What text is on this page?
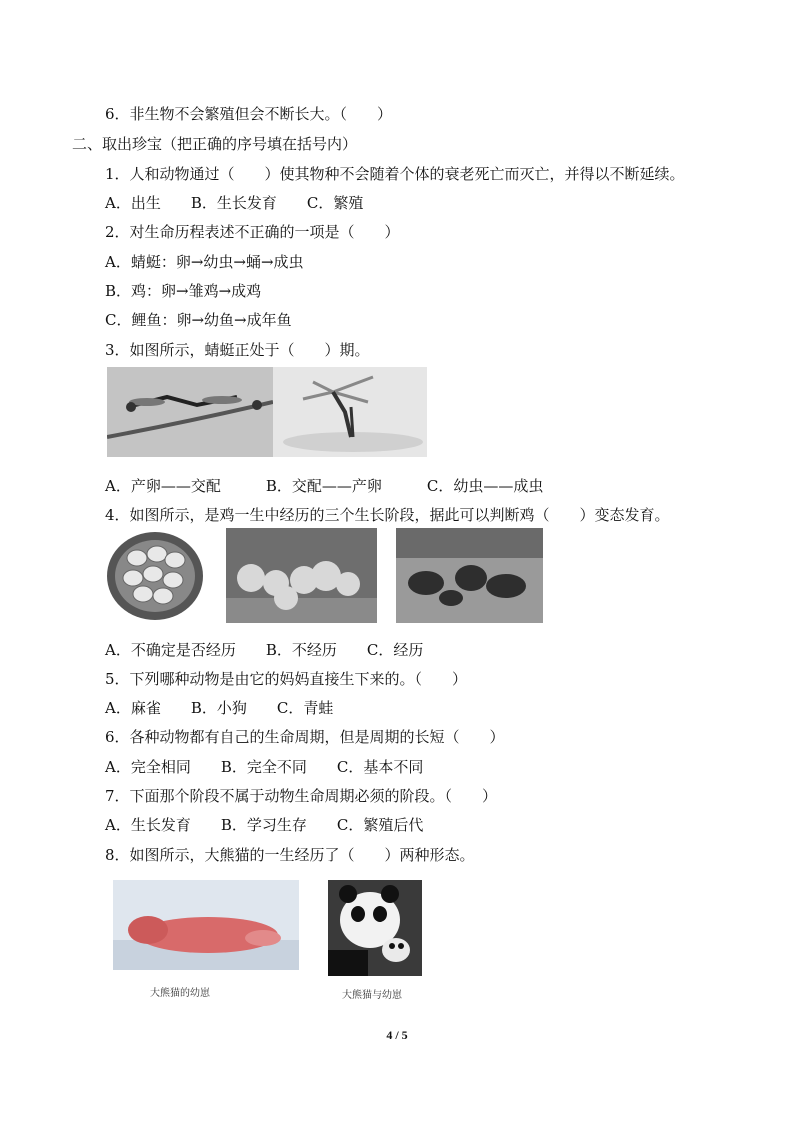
6．非生物不会繁殖但会不断长大。（　　）
二、取出珍宝（把正确的序号填在括号内）
1．人和动物通过（　　）使其物种不会随着个体的衰老死亡而灭亡，并得以不断延续。
A．出生　　B．生长发育　　C．繁殖
2．对生命历程表述不正确的一项是（　　）
A．蜻蜓：卵→幼虫→蛹→成虫
B．鸡：卵→雏鸡→成鸡
C．鲤鱼：卵→幼鱼→成年鱼
3．如图所示，蜻蜓正处于（　　）期。
A．产卵——交配　　　B．交配——产卵　　　C．幼虫——成虫
4．如图所示，是鸡一生中经历的三个生长阶段，据此可以判断鸡（　　）变态发育。
A．不确定是否经历　　B．不经历　　C．经历
5．下列哪种动物是由它的妈妈直接生下来的。（　　）
A．麻雀　　B．小狗　　C．青蛙
6．各种动物都有自己的生命周期，但是周期的长短（　　）
A．完全相同　　B．完全不同　　C．基本不同
7．下面那个阶段不属于动物生命周期必须的阶段。（　　）
A．生长发育　　B．学习生存　　C．繁殖后代
8．如图所示，大熊猫的一生经历了（　　）两种形态。
大熊猫的幼崽	大熊猫与幼崽
4 / 5
